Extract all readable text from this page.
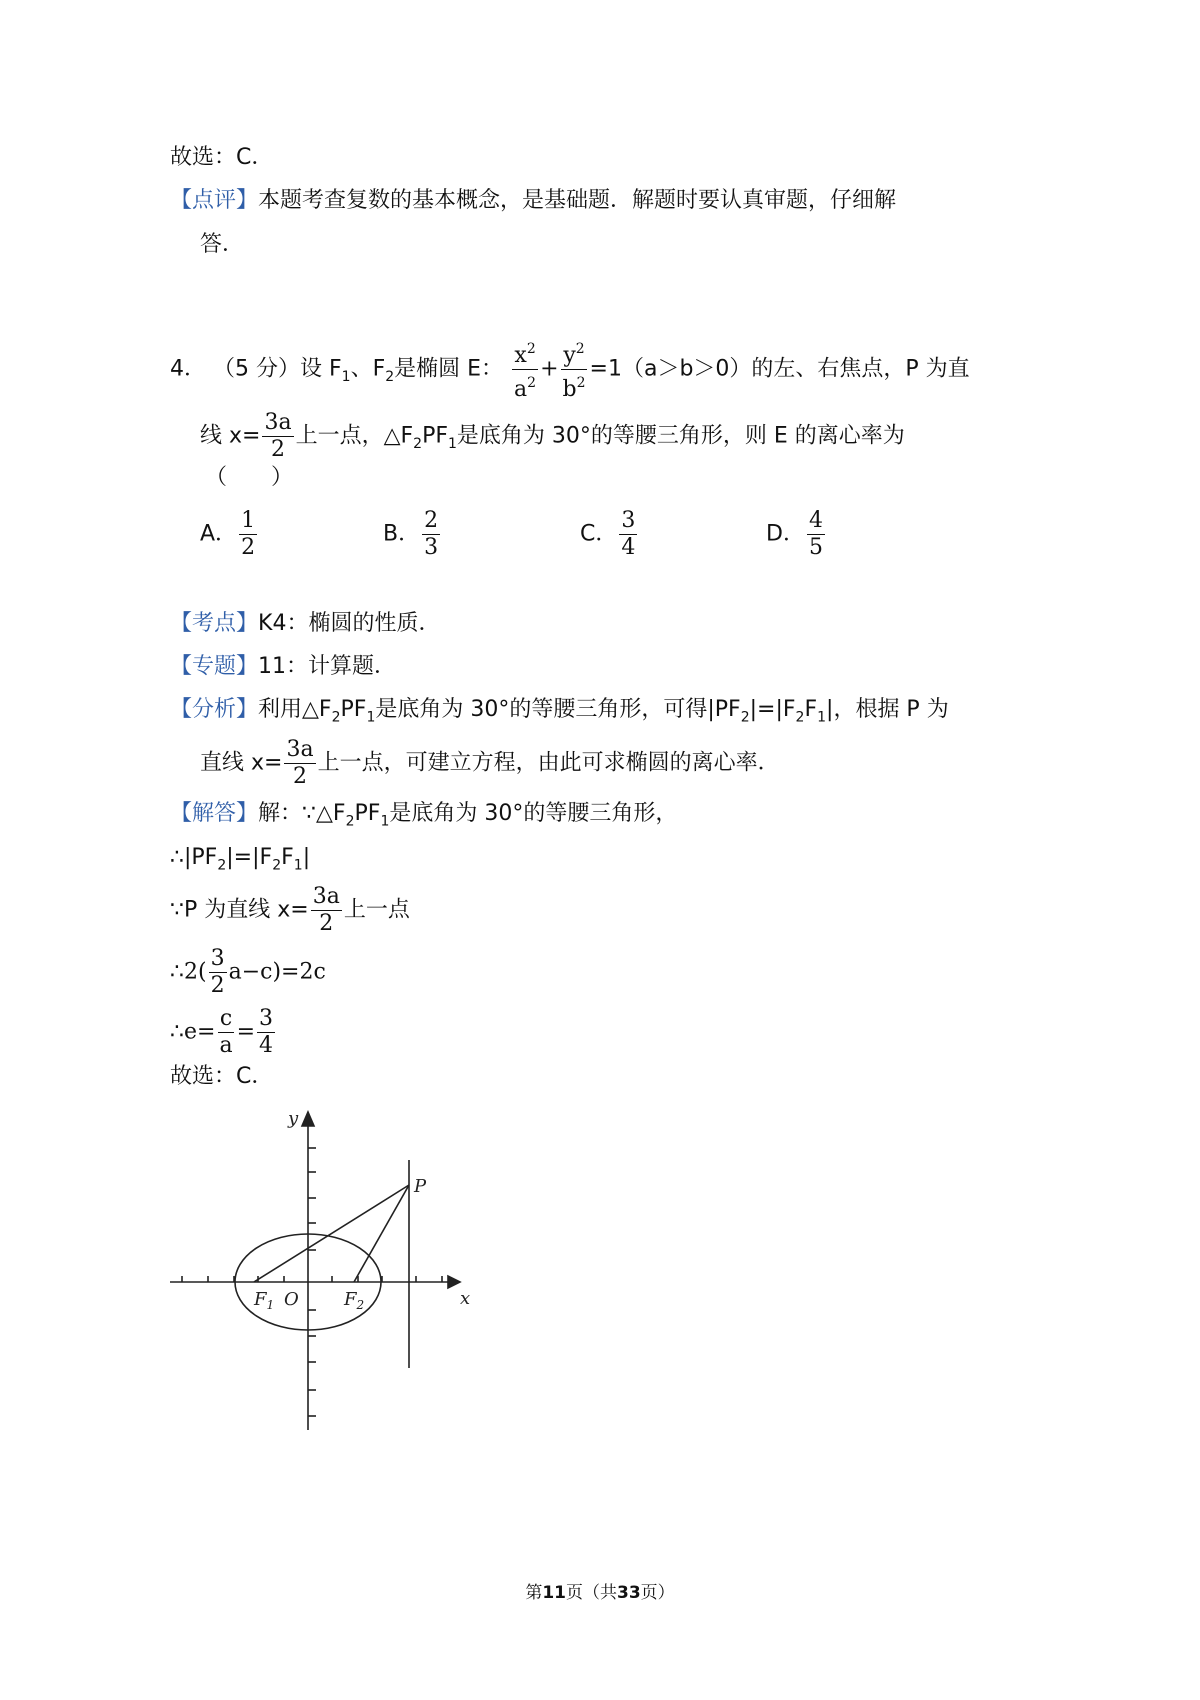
故选：C．
【点评】本题考查复数的基本概念，是基础题．解题时要认真审题，仔细解
答．
4． （5 分）设 $F_1$、$F_2$是椭圆 E： $\frac{x^2}{a^2} + \frac{y^2}{b^2} =1(a>b>0)$的左、右焦点，P 为直
线 $x= \frac{3a}{2}$ 上一点，$\triangle F_2PF_1$是底角为 30°的等腰三角形，则 E 的离心率为
（　　）
A． $\frac{1}{2}$	B． $\frac{2}{3}$	C． $\frac{3}{4}$	D． $\frac{4}{5}$
【考点】K4：椭圆的性质．
【专题】11：计算题．
【分析】利用$\triangle F_2PF_1$是底角为 30°的等腰三角形，可得$|PF_2|=|F_2F_1|$，根据 P 为
直线 $x= \frac{3a}{2}$ 上一点，可建立方程，由此可求椭圆的离心率．
【解答】解：$\because\triangle F_2PF_1$是底角为 30°的等腰三角形，
$\therefore|PF_2|=|F_2F_1|$
∵P 为直线 $x= \frac{3a}{2}$ 上一点
∴2( $\frac{3}{2} a-c)=2c$
∴e= $\frac{c}{a} = \frac{3}{4}$
故选：C．
y
x
P
$F_1$ O	$F_2$
第11页（共33页）
